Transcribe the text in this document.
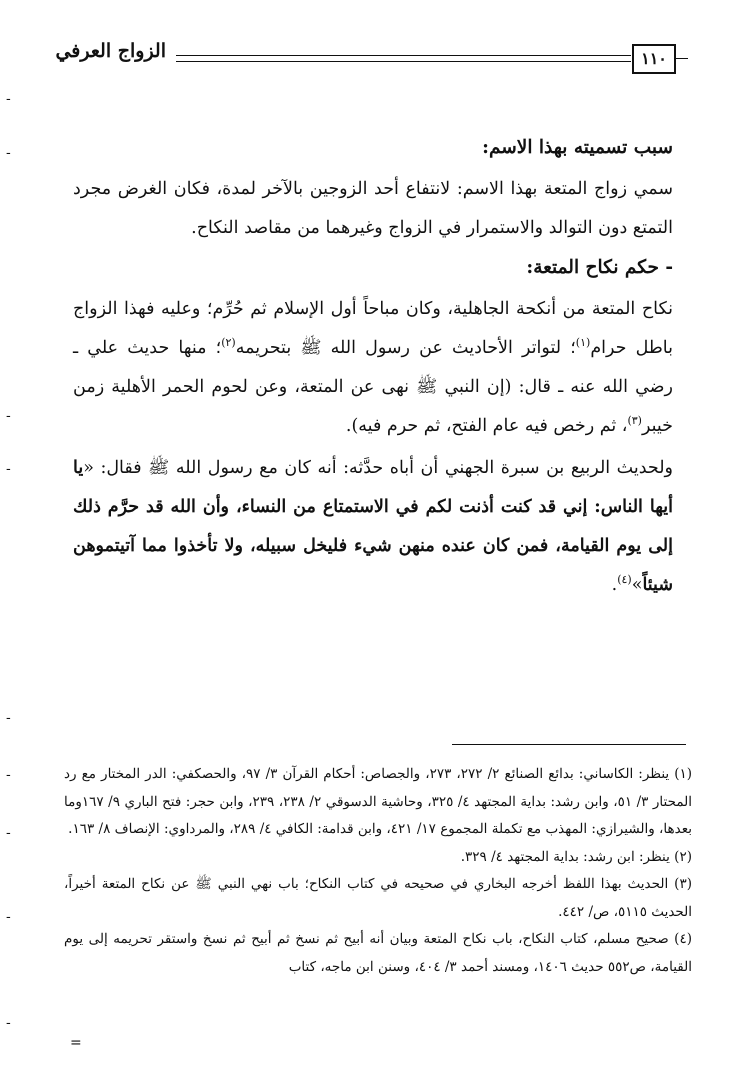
الزواج العرفي	١١٠
-
-
-
-
-
-
-
-
-
=

سبب تسميته بهذا الاسم:

سمي زواج المتعة بهذا الاسم: لانتفاع أحد الزوجين بالآخر لمدة، فكان الغرض مجرد التمتع دون التوالد والاستمرار في الزواج وغيرهما من مقاصد النكاح.

- حكم نكاح المتعة:

نكاح المتعة من أنكحة الجاهلية، وكان مباحاً أول الإسلام ثم حُرِّم؛ وعليه فهذا الزواج باطل حرام$^{(١)}$؛ لتواتر الأحاديث عن رسول الله ﷺ بتحريمه$^{(٢)}$؛ منها حديث علي ـ رضي الله عنه ـ قال: (إن النبي ﷺ نهى عن المتعة، وعن لحوم الحمر الأهلية زمن خيبر$^{(٣)}$، ثم رخص فيه عام الفتح، ثم حرم فيه).

ولحديث الربيع بن سبرة الجهني أن أباه حدَّثه: أنه كان مع رسول الله ﷺ فقال: «يا أيها الناس: إني قد كنت أذنت لكم في الاستمتاع من النساء، وأن الله قد حرَّم ذلك إلى يوم القيامة، فمن كان عنده منهن شيء فليخل سبيله، ولا تأخذوا مما آتيتموهن شيئاً»$^{(٤)}$.

(١) ينظر: الكاساني: بدائع الصنائع ٢/ ٢٧٢، ٢٧٣، والجصاص: أحكام القرآن ٣/ ٩٧، والحصكفي: الدر المختار مع رد المحتار ٣/ ٥١، وابن رشد: بداية المجتهد ٤/ ٣٢٥، وحاشية الدسوقي ٢/ ٢٣٨، ٢٣٩، وابن حجر: فتح الباري ٩/ ١٦٧وما بعدها، والشيرازي: المهذب مع تكملة المجموع ١٧/ ٤٢١، وابن قدامة: الكافي ٤/ ٢٨٩، والمرداوي: الإنصاف ٨/ ١٦٣.

(٢) ينظر: ابن رشد: بداية المجتهد ٤/ ٣٢٩.

(٣) الحديث بهذا اللفظ أخرجه البخاري في صحيحه في كتاب النكاح؛ باب نهي النبي ﷺ عن نكاح المتعة أخيراً، الحديث ٥١١٥، ص/ ٤٤٢.

(٤) صحيح مسلم، كتاب النكاح، باب نكاح المتعة وبيان أنه أبيح ثم نسخ ثم أبيح ثم نسخ واستقر تحريمه إلى يوم القيامة، ص٥٥٢ حديث ١٤٠٦، ومسند أحمد ٣/ ٤٠٤، وسنن ابن ماجه، كتاب
